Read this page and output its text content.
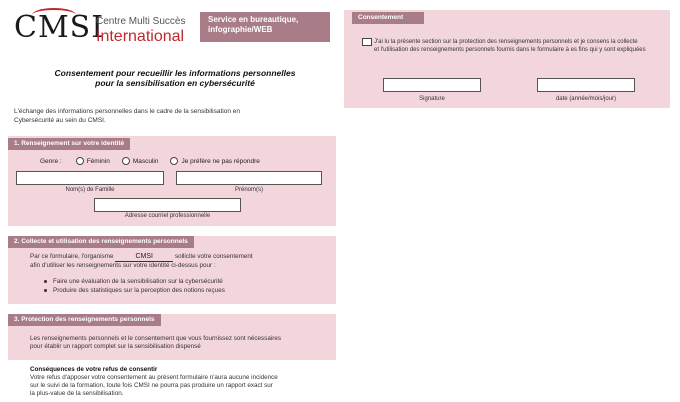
CMSI
Centre Multi Succès
International
Service en bureautique,
infographie/WEB
Consentement pour recueillir les informations personnelles
pour la sensibilisation en cybersécurité
L'échange des informations personnelles dans le cadre de la sensibilisation en
Cybersécurité au sein du CMSI.
1. Renseignement sur votre identité
Genre :	Féminin	Masculin	Je préfère ne pas répondre
Nom(s) de Famille	Prénom(s)
Adresse courriel professionnelle
2. Collecte et utilisation des renseignements personnels
Par ce formulaire, l'organisme	CMSI	sollicite votre consentement
afin d'utiliser les renseignements sur votre identité ci-dessus pour :
Faire une évaluation de la sensibilisation sur la cybersécurité
Produire des statistiques sur la perception des notions reçues
3. Protection des renseignements personnels
Les renseignements personnels et le consentement que vous fournissez sont nécessaires
pour établir un rapport complet sur la sensibilisation dispensé
Conséquences de votre refus de consentir
Votre refus d'apposer votre consentement au présent formulaire n'aura aucune incidence
sur le suivi de la formation, toute fois CMSI ne pourra pas produire un rapport exact sur
la plus-value de la sensibilisation.
Consentement
J'ai lu la présente section sur la protection des renseignements personnels et je consens la collecte
et l'utilisation des renseignements personnels fournis dans le formulaire à es fins qui y sont expliquées
Signature	date (année/mois/jour)
